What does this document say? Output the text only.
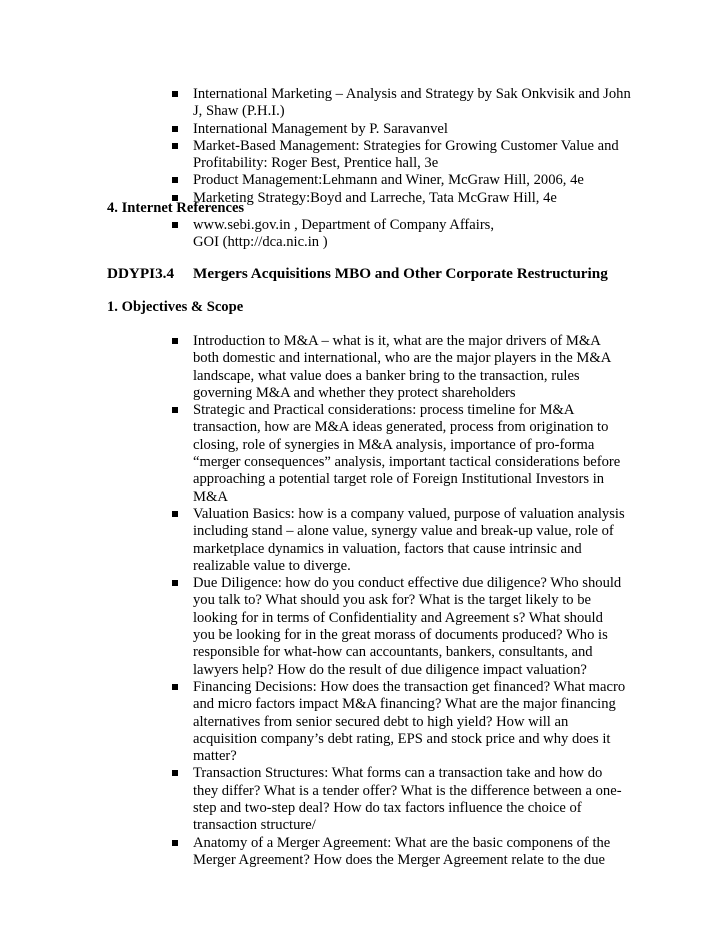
International Marketing – Analysis and Strategy by Sak Onkvisik and John J, Shaw (P.H.I.)
International Management by P. Saravanvel
Market-Based Management: Strategies for Growing Customer Value and Profitability: Roger Best, Prentice hall, 3e
Product Management:Lehmann and Winer, McGraw Hill, 2006, 4e
Marketing Strategy:Boyd and Larreche, Tata McGraw Hill, 4e
4. Internet References
www.sebi.gov.in , Department of Company Affairs, GOI (http://dca.nic.in )
DDYPI3.4 Mergers Acquisitions MBO and Other Corporate Restructuring
1. Objectives & Scope
Introduction to M&A – what is it, what are the major drivers of M&A both domestic and international, who are the major players in the M&A landscape, what value does a banker bring to the transaction, rules governing M&A and whether they protect shareholders
Strategic and Practical considerations: process timeline for M&A transaction, how are M&A ideas generated, process from origination to closing, role of synergies in M&A analysis, importance of pro-forma “merger consequences” analysis, important tactical considerations before approaching a potential target role of Foreign Institutional Investors in M&A
Valuation Basics: how is a company valued, purpose of valuation analysis including stand – alone value, synergy value and break-up value, role of marketplace dynamics in valuation, factors that cause intrinsic and realizable value to diverge.
Due Diligence: how do you conduct effective due diligence? Who should you talk to? What should you ask for? What is the target likely to be looking for in terms of Confidentiality and Agreement s? What should you be looking for in the great morass of documents produced? Who is responsible for what-how can accountants, bankers, consultants, and lawyers help? How do the result of due diligence impact valuation?
Financing Decisions: How does the transaction get financed? What macro and micro factors impact M&A financing? What are the major financing alternatives from senior secured debt to high yield? How will an acquisition company’s debt rating, EPS and stock price and why does it matter?
Transaction Structures: What forms can a transaction take and how do they differ? What is a tender offer? What is the difference between a one-step and two-step deal? How do tax factors influence the choice of transaction structure/
Anatomy of a Merger Agreement: What are the basic componens of the Merger Agreement? How does the Merger Agreement relate to the due
